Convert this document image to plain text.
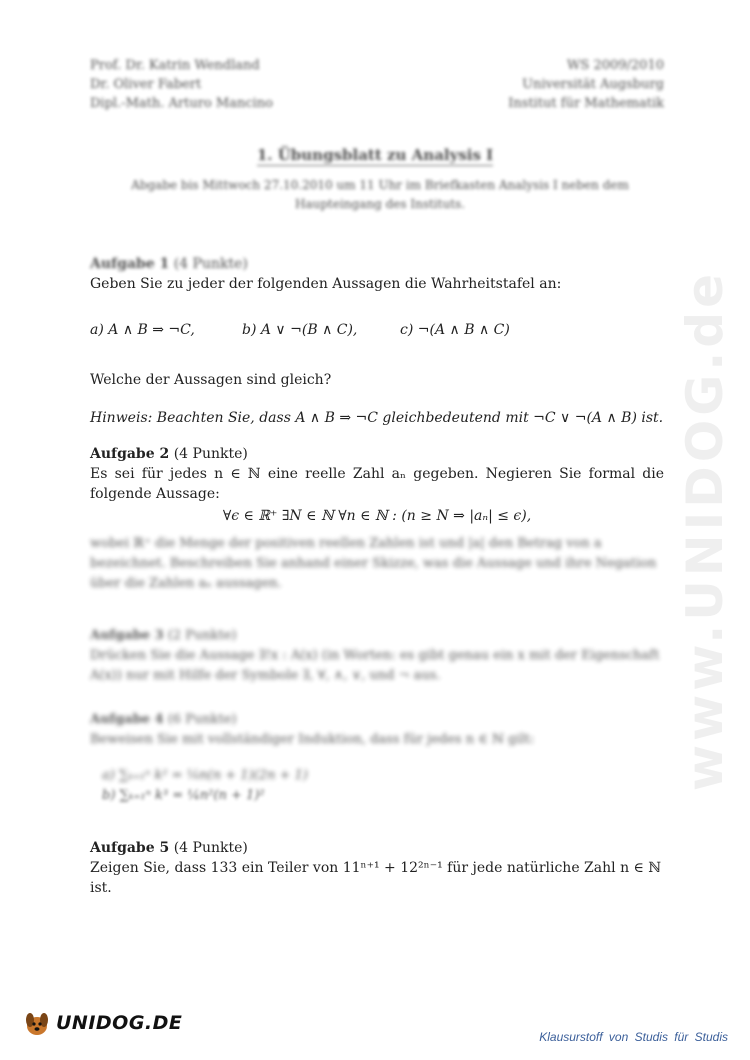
Prof. Dr. Katrin Wendland
Dr. Oliver Fabert
Dipl.-Math. Arturo Mancino
WS 2009/2010
Universität Augsburg
Institut für Mathematik
1. Übungsblatt zu Analysis I
Abgabe bis Mittwoch 27.10.2010 um 11 Uhr im Briefkasten Analysis I neben dem Haupteingang des Instituts.
www.UNIDOG.de
Aufgabe 1 (4 Punkte)
Geben Sie zu jeder der folgenden Aussagen die Wahrheitstafel an:
a) A ∧ B ⇒ ¬C,	b) A ∨ ¬(B ∧ C),	c) ¬(A ∧ B ∧ C)
Welche der Aussagen sind gleich?
Hinweis: Beachten Sie, dass A ∧ B ⇒ ¬C gleichbedeutend mit ¬C ∨ ¬(A ∧ B) ist.
Aufgabe 2 (4 Punkte)
Es sei für jedes n ∈ ℕ eine reelle Zahl aₙ gegeben. Negieren Sie formal die folgende Aussage:
∀ϵ ∈ ℝ⁺ ∃N ∈ ℕ ∀n ∈ ℕ : (n ≥ N ⇒ |aₙ| ≤ ϵ),
wobei ℝ⁺ die Menge der positiven reellen Zahlen ist und |a| den Betrag von a bezeichnet. Beschreiben Sie anhand einer Skizze, was die Aussage und ihre Negation über die Zahlen aₙ aussagen.
Aufgabe 3 (2 Punkte)
Drücken Sie die Aussage ∃!x : A(x) (in Worten: es gibt genau ein x mit der Eigenschaft A(x)) nur mit Hilfe der Symbole ∃, ∀, ∧, ∨, und ¬ aus.
Aufgabe 4 (6 Punkte)
Beweisen Sie mit vollständiger Induktion, dass für jedes n ∈ ℕ gilt:
a) ∑ₖ₌₁ⁿ k² = ⅙n(n + 1)(2n + 1)
b) ∑ₖ₌₁ⁿ k³ = ¼n²(n + 1)²
Aufgabe 5 (4 Punkte)
Zeigen Sie, dass 133 ein Teiler von 11ⁿ⁺¹ + 12²ⁿ⁻¹ für jede natürliche Zahl n ∈ ℕ ist.
UNIDOG.DE
Klausurstoff von Studis für Studis
